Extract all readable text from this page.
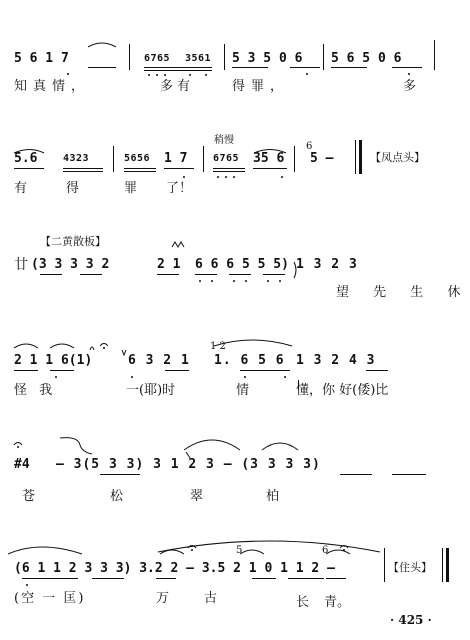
5 6 1 7	6765 3561 5 3 5 0 6 5 6 5 0 6
知真情，	多有	得罪，	多
稍慢
5.6	4323	5656 1 7	6765 35 6
6
5 –	【凤点头】
有	得	罪 了！
【二黄散板】
廿 (3 3 3 3 2	2 1 6 6 6 5 5 5) 1 3 2 3
望 先 生 休
2 1 1 6(1)	6 3 2 1
1 2
1. 6 5 6 1 3 2 4 3
怪 我	一(耶)时	情	懂，你 好(倭)比
#4 – 3(5 3 3) 3 1 2 3 – (3 3 3 3)
苍	松	翠	柏
5	6
(6 1 1 2 3 3 3) 3.2 2 – 3.5 2 1 0 1 1 2 –	【住头】
(空 一 匡)	万	古	长 青。
· 425 ·
